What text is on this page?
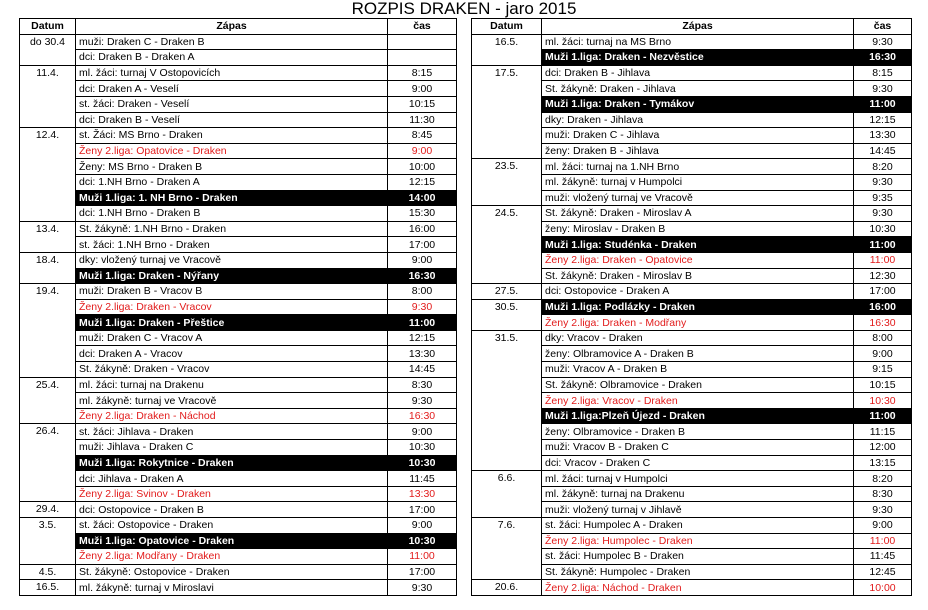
ROZPIS DRAKEN - jaro 2015
Datum	Zápas	čas
do 30.4	muži: Draken C - Draken B	
	dci: Draken B - Draken A	
11.4.	ml. žáci: turnaj V Ostopovicích	8:15
	dci: Draken A - Veselí	9:00
	st. žáci: Draken - Veselí	10:15
	dci: Draken B - Veselí	11:30
12.4.	st. Žáci: MS Brno - Draken	8:45
	Ženy 2.liga: Opatovice - Draken	9:00
	Ženy: MS Brno - Draken B	10:00
	dci: 1.NH Brno - Draken A	12:15
	Muži 1.liga: 1. NH Brno - Draken	14:00
	dci: 1.NH Brno - Draken B	15:30
13.4.	St. žákyně: 1.NH Brno - Draken	16:00
	st. žáci: 1.NH Brno - Draken	17:00
18.4.	dky: vložený turnaj ve Vracově	9:00
	Muži 1.liga: Draken - Nýřany	16:30
19.4.	muži: Draken B - Vracov B	8:00
	Ženy 2.liga: Draken - Vracov	9:30
	Muži 1.liga: Draken - Přeštice	11:00
	muži: Draken C - Vracov A	12:15
	dci: Draken A - Vracov	13:30
	St. žákyně: Draken - Vracov	14:45
25.4.	ml. žáci: turnaj na Drakenu	8:30
	ml. žákyně: turnaj ve Vracově	9:30
	Ženy 2.liga: Draken - Náchod	16:30
26.4.	st. žáci: Jihlava - Draken	9:00
	muži: Jihlava - Draken C	10:30
	Muži 1.liga: Rokytnice - Draken	10:30
	dci: Jihlava - Draken A	11:45
	Ženy 2.liga: Svinov - Draken	13:30
29.4.	dci: Ostopovice - Draken B	17:00
3.5.	st. žáci: Ostopovice - Draken	9:00
	Muži 1.liga: Opatovice - Draken	10:30
	Ženy 2.liga: Modřany - Draken	11:00
4.5.	St. žákyně: Ostopovice - Draken	17:00
16.5.	ml. žákyně: turnaj v Miroslavi	9:30
Datum	Zápas	čas
16.5.	ml. žáci: turnaj na MS Brno	9:30
	Muži 1.liga: Draken - Nezvěstice	16:30
17.5.	dci: Draken B - Jihlava	8:15
	St. žákyně: Draken - Jihlava	9:30
	Muži 1.liga: Draken - Tymákov	11:00
	dky: Draken - Jihlava	12:15
	muži: Draken C - Jihlava	13:30
	ženy: Draken B - Jihlava	14:45
23.5.	ml. žáci: turnaj na 1.NH Brno	8:20
	ml. žákyně: turnaj v Humpolci	9:30
	muži: vložený turnaj ve Vracově	9:35
24.5.	St. žákyně: Draken - Miroslav A	9:30
	ženy: Miroslav - Draken B	10:30
	Muži 1.liga: Studénka - Draken	11:00
	Ženy 2.liga: Draken - Opatovice	11:00
	St. žákyně: Draken - Miroslav B	12:30
27.5.	dci: Ostopovice - Draken A	17:00
30.5.	Muži 1.liga: Podlázky - Draken	16:00
	Ženy 2.liga: Draken - Modřany	16:30
31.5.	dky: Vracov - Draken	8:00
	ženy: Olbramovice A - Draken B	9:00
	muži: Vracov A - Draken B	9:15
	St. žákyně: Olbramovice - Draken	10:15
	Ženy 2.liga: Vracov - Draken	10:30
	Muži 1.liga:Plzeň Újezd - Draken	11:00
	ženy: Olbramovice - Draken B	11:15
	muži: Vracov B - Draken C	12:00
	dci: Vracov - Draken C	13:15
6.6.	ml. žáci: turnaj v Humpolci	8:20
	ml. žákyně: turnaj na Drakenu	8:30
	muži: vložený turnaj v Jihlavě	9:30
7.6.	st. žáci: Humpolec A - Draken	9:00
	Ženy 2.liga: Humpolec - Draken	11:00
	st. žáci: Humpolec B - Draken	11:45
	St. žákyně: Humpolec - Draken	12:45
20.6.	Ženy 2.liga: Náchod - Draken	10:00
